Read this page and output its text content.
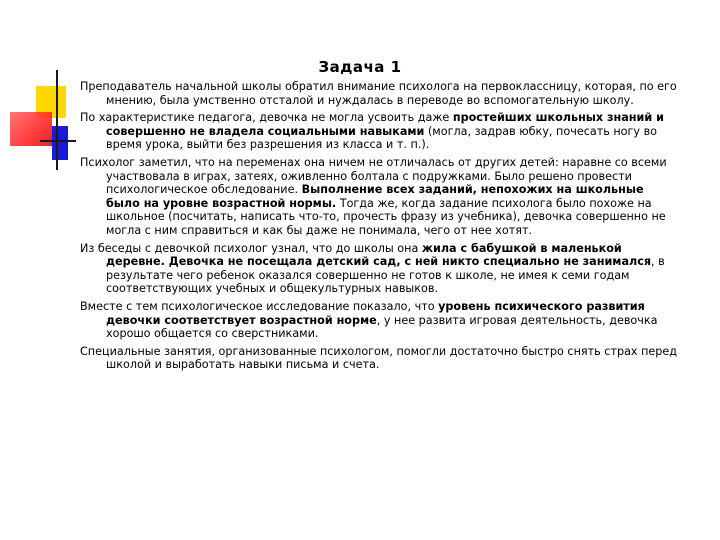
Задача 1

Преподаватель начальной школы обратил внимание психолога на первоклассницу, которая, по его мнению, была умственно отсталой и нуждалась в переводе во вспомогательную школу.

По характеристике педагога, девочка не могла усвоить даже простейших школьных знаний и совершенно не владела социальными навыками (могла, задрав юбку, почесать ногу во время урока, выйти без разрешения из класса и т. п.).

Психолог заметил, что на переменах она ничем не отличалась от других детей: наравне со всеми участвовала в играх, затеях, оживленно болтала с подружками. Было решено провести психологическое обследование. Выполнение всех заданий, непохожих на школьные было на уровне возрастной нормы. Тогда же, когда задание психолога было похоже на школьное (посчитать, написать что-то, прочесть фразу из учебника), девочка совершенно не могла с ним справиться и как бы даже не понимала, чего от нее хотят.

Из беседы с девочкой психолог узнал, что до школы она жила с бабушкой в маленькой деревне. Девочка не посещала детский сад, с ней никто специально не занимался, в результате чего ребенок оказался совершенно не готов к школе, не имея к семи годам соответствующих учебных и общекультурных навыков.

Вместе с тем психологическое исследование показало, что уровень психического развития девочки соответствует возрастной норме, у нее развита игровая деятельность, девочка хорошо общается со сверстниками.

Специальные занятия, организованные психологом, помогли достаточно быстро снять страх перед школой и выработать навыки письма и счета.
